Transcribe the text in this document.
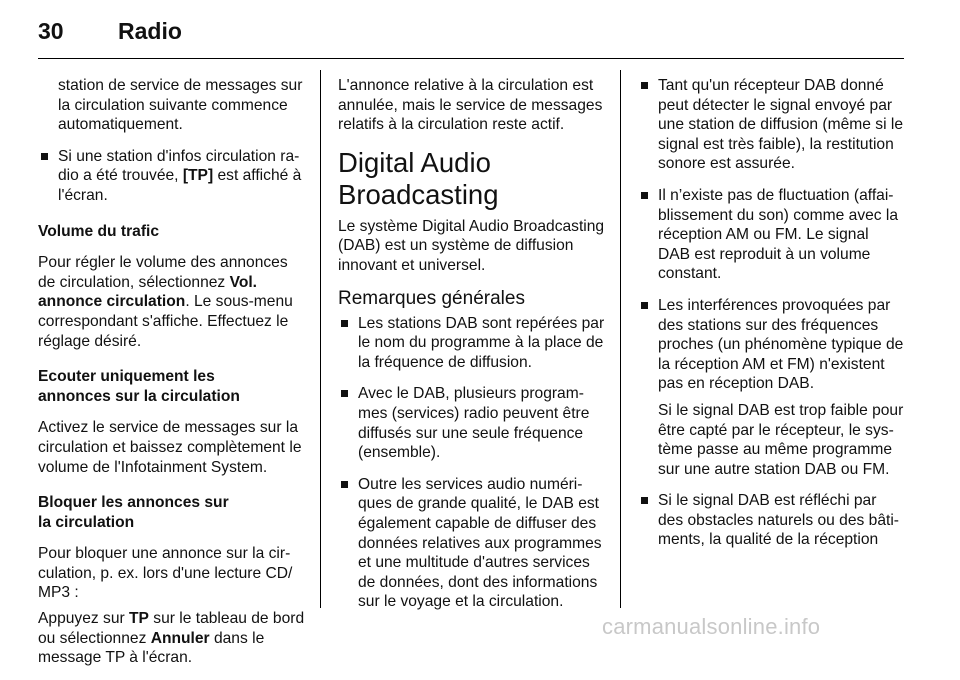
30 Radio

station de service de messages sur la circulation suivante commence automatiquement.

Si une station d'infos circulation radio a été trouvée, [TP] est affiché à l'écran.

Volume du trafic

Pour régler le volume des annonces de circulation, sélectionnez Vol. annonce circulation. Le sous-menu correspondant s'affiche. Effectuez le réglage désiré.

Ecouter uniquement les annonces sur la circulation

Activez le service de messages sur la circulation et baissez complètement le volume de l'Infotainment System.

Bloquer les annonces sur
la circulation

Pour bloquer une annonce sur la circulation, p. ex. lors d'une lecture CD/ MP3 :

Appuyez sur TP sur le tableau de bord ou sélectionnez Annuler dans le message TP à l'écran.

L'annonce relative à la circulation est annulée, mais le service de messages relatifs à la circulation reste actif.

Digital Audio Broadcasting

Le système Digital Audio Broadcasting (DAB) est un système de diffusion innovant et universel.

Remarques générales
Les stations DAB sont repérées par le nom du programme à la place de la fréquence de diffusion.
Avec le DAB, plusieurs programmes (services) radio peuvent être diffusés sur une seule fréquence (ensemble).
Outre les services audio numériques de grande qualité, le DAB est également capable de diffuser des données relatives aux programmes et une multitude d'autres services de données, dont des informations sur le voyage et la circulation.
Tant qu'un récepteur DAB donné peut détecter le signal envoyé par une station de diffusion (même si le signal est très faible), la restitution sonore est assurée.
Il n’existe pas de fluctuation (affaiblissement du son) comme avec la réception AM ou FM. Le signal DAB est reproduit à un volume constant.
Les interférences provoquées par des stations sur des fréquences proches (un phénomène typique de la réception AM et FM) n'existent pas en réception DAB.
Si le signal DAB est trop faible pour être capté par le récepteur, le système passe au même programme sur une autre station DAB ou FM.
Si le signal DAB est réfléchi par des obstacles naturels ou des bâtiments, la qualité de la réception
carmanualsonline.info
